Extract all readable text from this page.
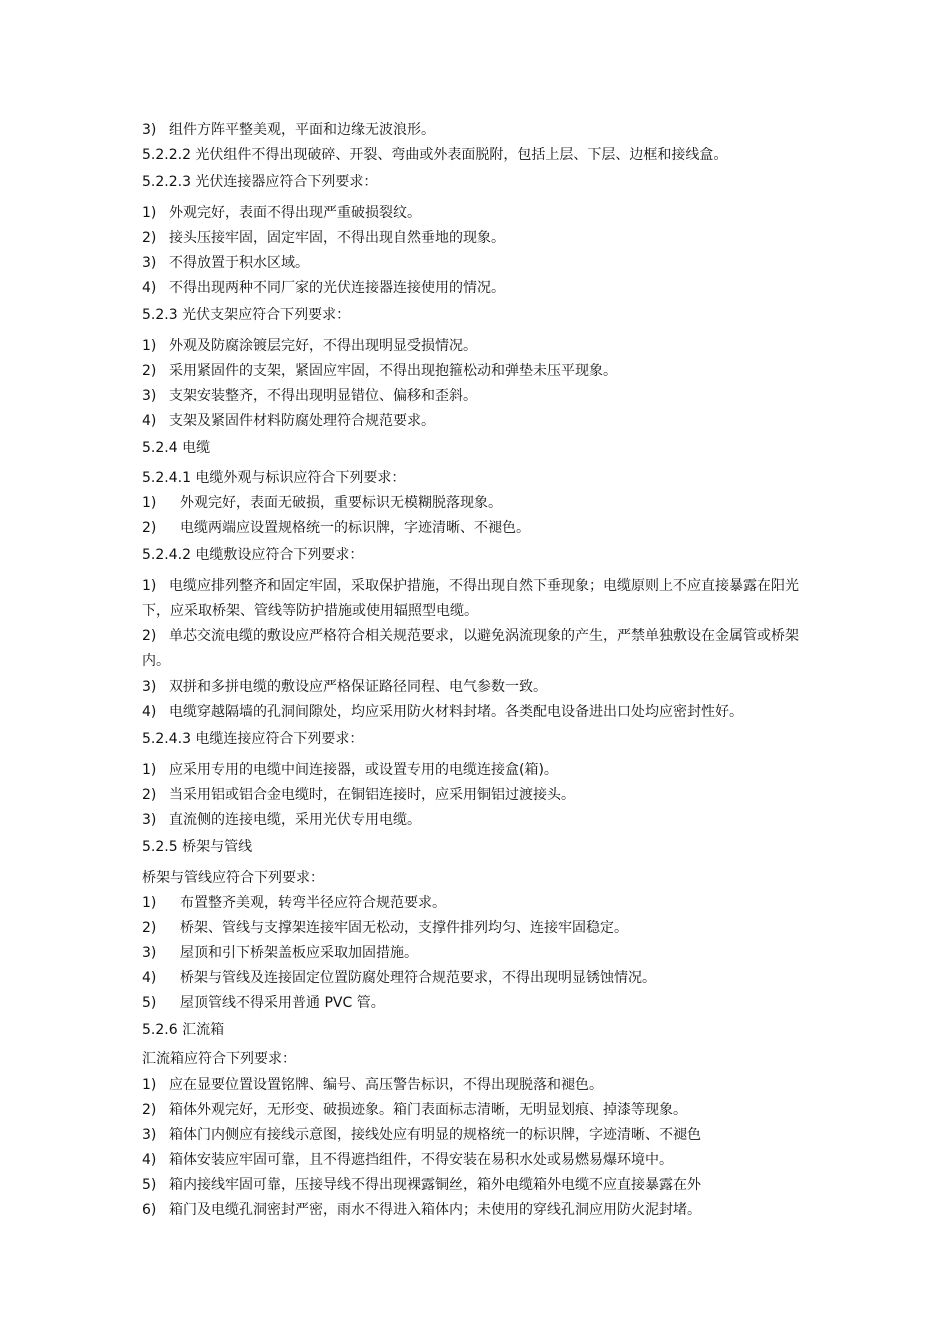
3) 组件方阵平整美观，平面和边缘无波浪形。
5.2.2.2 光伏组件不得出现破碎、开裂、弯曲或外表面脱附，包括上层、下层、边框和接线盒。
5.2.2.3 光伏连接器应符合下列要求：
1) 外观完好，表面不得出现严重破损裂纹。
2) 接头压接牢固，固定牢固，不得出现自然垂地的现象。
3) 不得放置于积水区域。
4) 不得出现两种不同厂家的光伏连接器连接使用的情况。
5.2.3 光伏支架应符合下列要求：
1) 外观及防腐涂镀层完好，不得出现明显受损情况。
2) 采用紧固件的支架，紧固应牢固，不得出现抱箍松动和弹垫未压平现象。
3) 支架安装整齐，不得出现明显错位、偏移和歪斜。
4) 支架及紧固件材料防腐处理符合规范要求。
5.2.4 电缆
5.2.4.1 电缆外观与标识应符合下列要求：
1) 外观完好，表面无破损，重要标识无模糊脱落现象。
2) 电缆两端应设置规格统一的标识牌，字迹清晰、不褪色。
5.2.4.2 电缆敷设应符合下列要求：
1) 电缆应排列整齐和固定牢固，采取保护措施，不得出现自然下垂现象；电缆原则上不应直接暴露在阳光下，应采取桥架、管线等防护措施或使用辐照型电缆。
2) 单芯交流电缆的敷设应严格符合相关规范要求，以避免涡流现象的产生，严禁单独敷设在金属管或桥架内。
3) 双拼和多拼电缆的敷设应严格保证路径同程、电气参数一致。
4) 电缆穿越隔墙的孔洞间隙处，均应采用防火材料封堵。各类配电设备进出口处均应密封性好。
5.2.4.3 电缆连接应符合下列要求：
1) 应采用专用的电缆中间连接器，或设置专用的电缆连接盒(箱)。
2) 当采用铝或铝合金电缆时，在铜铝连接时，应采用铜铝过渡接头。
3) 直流侧的连接电缆，采用光伏专用电缆。
5.2.5 桥架与管线
桥架与管线应符合下列要求：
1) 布置整齐美观，转弯半径应符合规范要求。
2) 桥架、管线与支撑架连接牢固无松动，支撑件排列均匀、连接牢固稳定。
3) 屋顶和引下桥架盖板应采取加固措施。
4) 桥架与管线及连接固定位置防腐处理符合规范要求，不得出现明显锈蚀情况。
5) 屋顶管线不得采用普通 PVC 管。
5.2.6 汇流箱
汇流箱应符合下列要求：
1) 应在显要位置设置铭牌、编号、高压警告标识，不得出现脱落和褪色。
2) 箱体外观完好，无形变、破损迹象。箱门表面标志清晰，无明显划痕、掉漆等现象。
3) 箱体门内侧应有接线示意图，接线处应有明显的规格统一的标识牌，字迹清晰、不褪色
4) 箱体安装应牢固可靠，且不得遮挡组件，不得安装在易积水处或易燃易爆环境中。
5) 箱内接线牢固可靠，压接导线不得出现裸露铜丝，箱外电缆箱外电缆不应直接暴露在外
6) 箱门及电缆孔洞密封严密，雨水不得进入箱体内；未使用的穿线孔洞应用防火泥封堵。
